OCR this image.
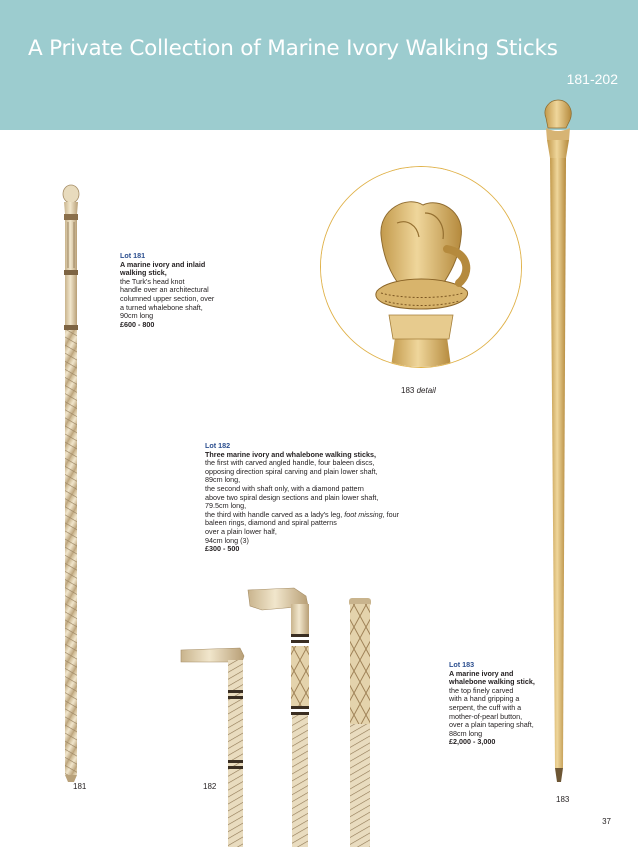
A Private Collection of Marine Ivory Walking Sticks
181-202
Lot 181
A marine ivory and inlaid
walking stick,
the Turk's head knot
handle over an architectural
columned upper section, over
a turned whalebone shaft,
90cm long
£600 - 800
Lot 182
Three marine ivory and whalebone walking sticks,
the first with carved angled handle, four baleen discs,
opposing direction spiral carving and plain lower shaft,
89cm long,
the second with shaft only, with a diamond pattern
above two spiral design sections and plain lower shaft,
79.5cm long,
the third with handle carved as a lady's leg, foot missing, four baleen rings, diamond and spiral patterns
over a plain lower half,
94cm long (3)
£300 - 500
Lot 183
A marine ivory and
whalebone walking stick,
the top finely carved
with a hand gripping a
serpent, the cuff with a
mother-of-pearl button,
over a plain tapering shaft,
88cm long
£2,000 - 3,000
183 detail
181	182
183
37
